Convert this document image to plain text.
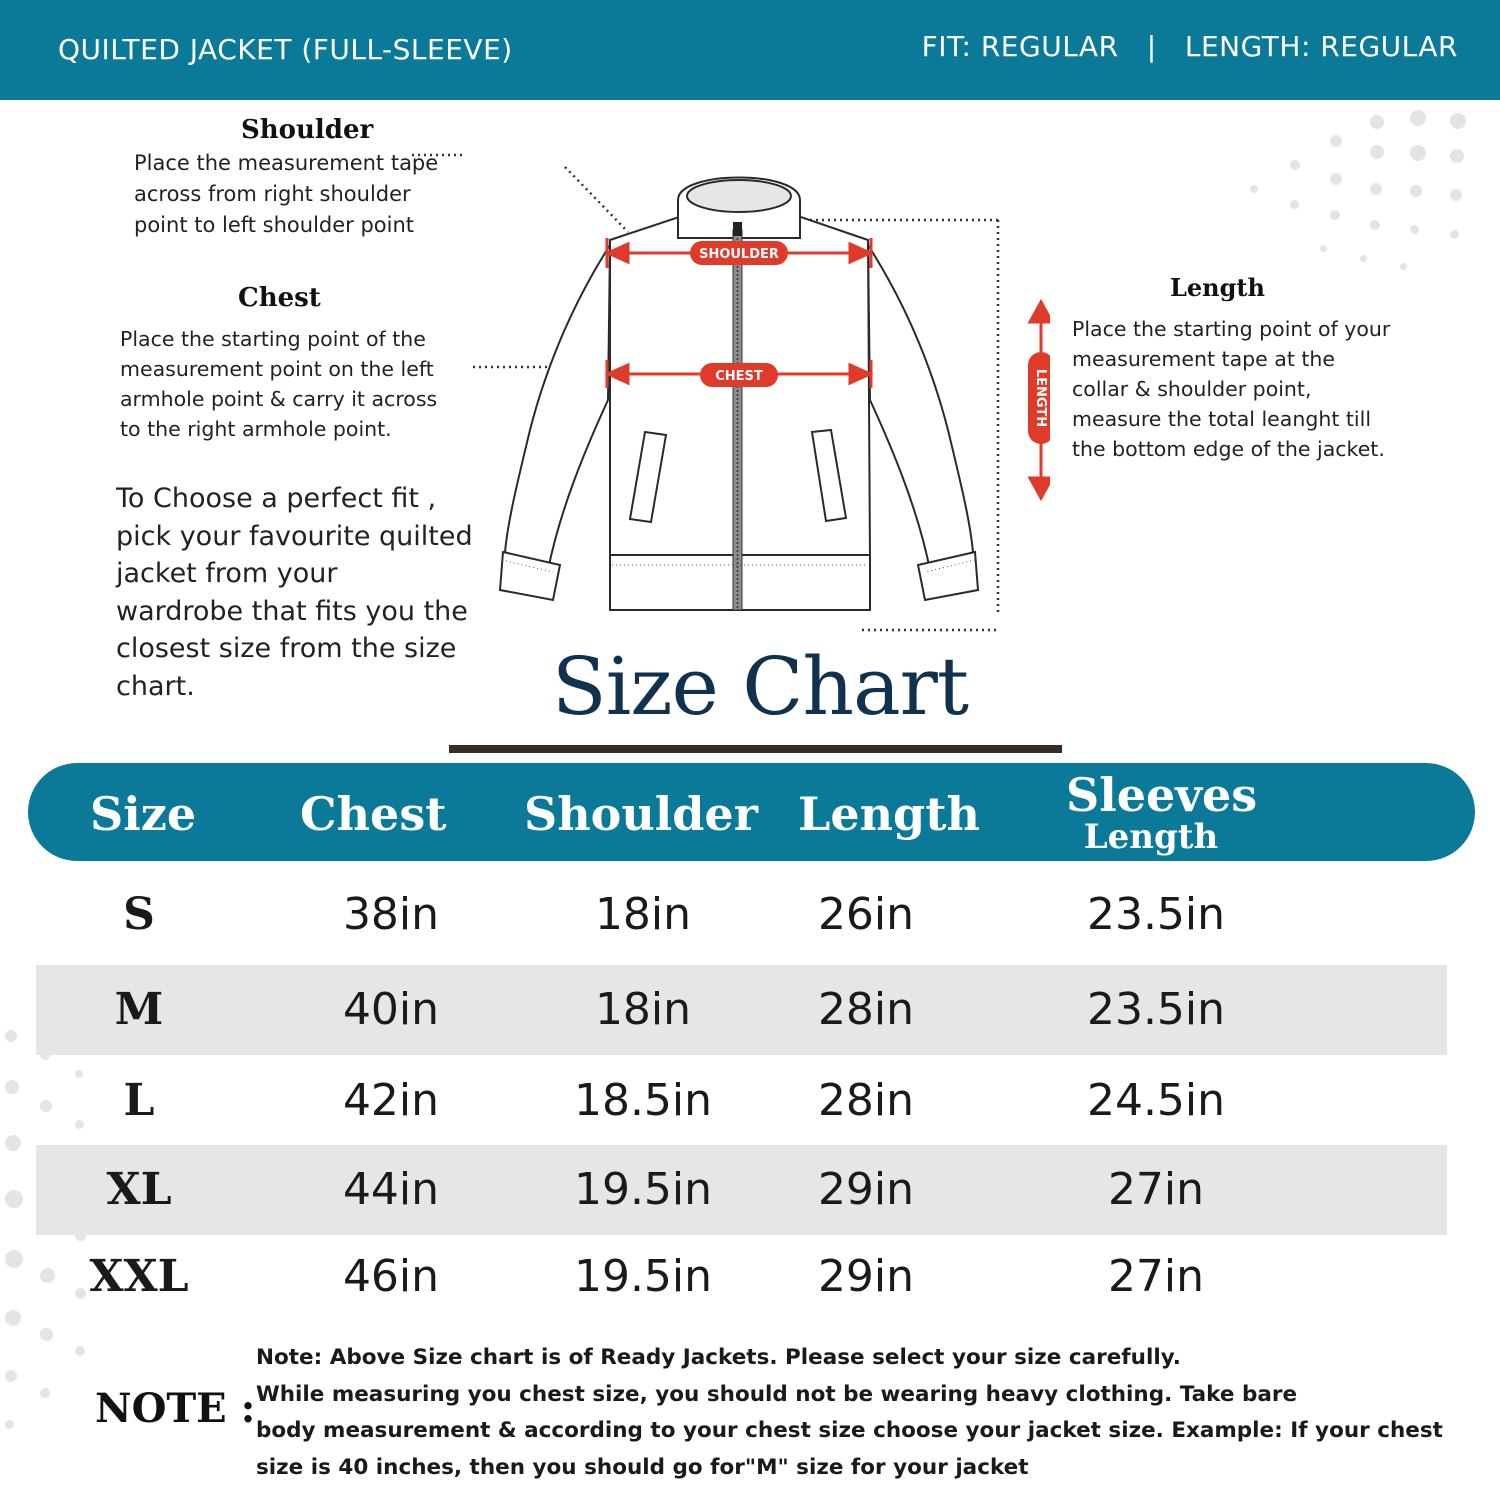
QUILTED JACKET (FULL-SLEEVE)	FIT: REGULAR   |   LENGTH: REGULAR
Shoulder
Place the measurement tape
across from right shoulder
point to left shoulder point
Chest
Place the starting point of the
measurement point on the left
armhole point & carry it across
to the right armhole point.
Length
Place the starting point of your
measurement tape at the
collar & shoulder point,
measure the total leanght till
the bottom edge of the jacket.
To Choose a perfect fit ,
pick your favourite quilted
jacket from your
wardrobe that fits you the
closest size from the size
chart.
SHOULDER
CHEST	LENGTH
Size Chart
Size Chest Shoulder Length Sleeves
Length
S	38in	18in	26in	23.5in
M	40in	18in	28in	23.5in
L	42in	18.5in	28in	24.5in
XL	44in	19.5in	29in	27in
XXL	46in	19.5in	29in	27in
NOTE :
Note: Above Size chart is of Ready Jackets. Please select your size carefully.
While measuring you chest size, you should not be wearing heavy clothing. Take bare
body measurement & according to your chest size choose your jacket size. Example: If your chest
size is 40 inches, then you should go for"M" size for your jacket
